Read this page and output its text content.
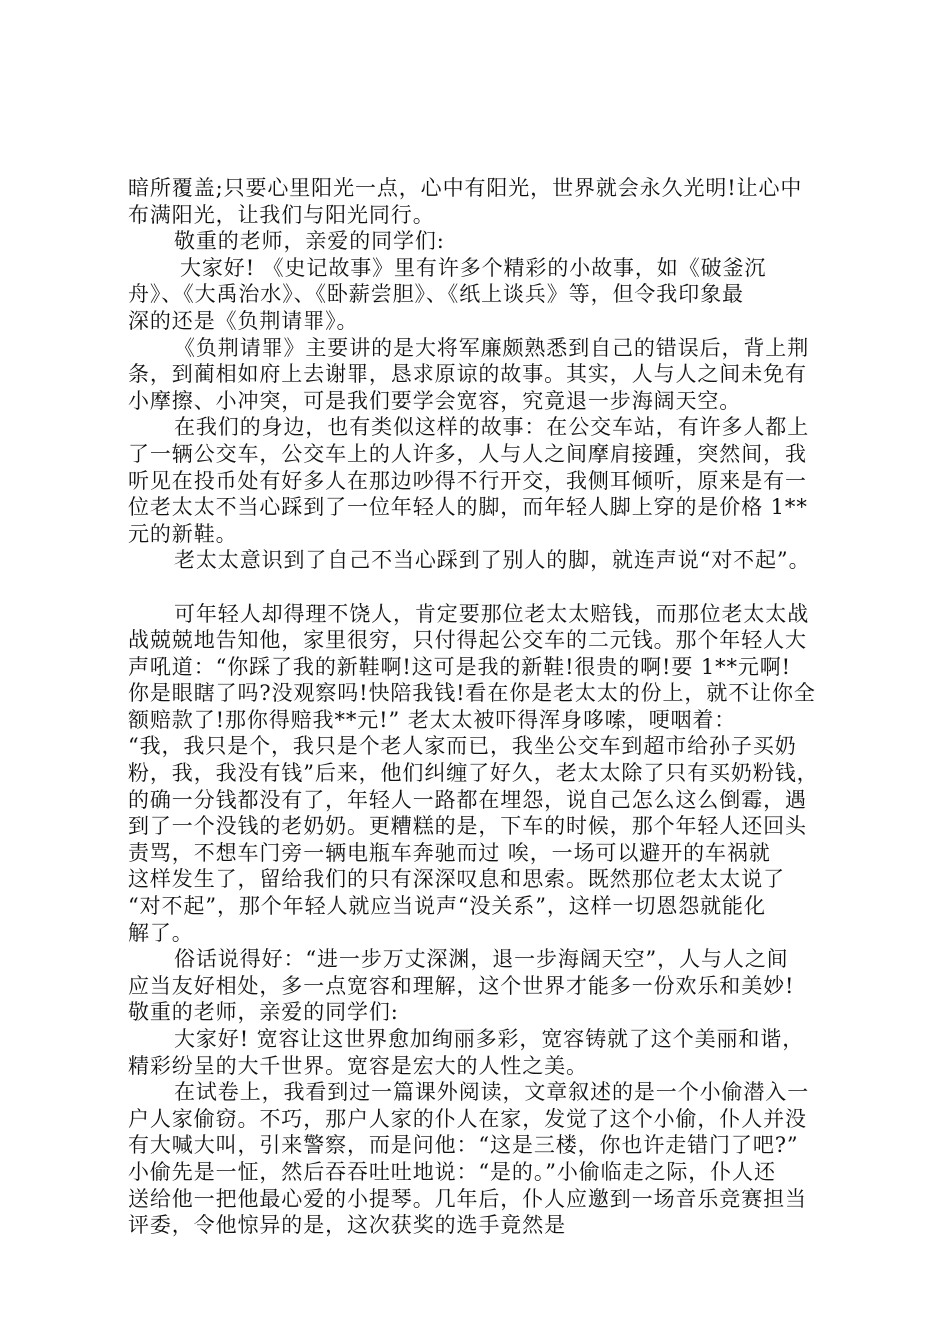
暗所覆盖;只要心里阳光一点，心中有阳光，世界就会永久光明!让心中
布满阳光，让我们与阳光同行。
敬重的老师，亲爱的同学们:
大家好! 《史记故事》里有许多个精彩的小故事，如《破釜沉
舟》、《大禹治水》、《卧薪尝胆》、《纸上谈兵》等，但令我印象最
深的还是《负荆请罪》。
《负荆请罪》主要讲的是大将军廉颇熟悉到自己的错误后，背上荆
条，到蔺相如府上去谢罪，恳求原谅的故事。其实，人与人之间未免有
小摩擦、小冲突，可是我们要学会宽容，究竟退一步海阔天空。
在我们的身边，也有类似这样的故事：在公交车站，有许多人都上
了一辆公交车，公交车上的人许多，人与人之间摩肩接踵，突然间，我
听见在投币处有好多人在那边吵得不行开交，我侧耳倾听，原来是有一
位老太太不当心踩到了一位年轻人的脚，而年轻人脚上穿的是价格 1**
元的新鞋。
老太太意识到了自己不当心踩到了别人的脚，就连声说“对不起”。
可年轻人却得理不饶人，肯定要那位老太太赔钱，而那位老太太战
战兢兢地告知他，家里很穷，只付得起公交车的二元钱。那个年轻人大
声吼道：“你踩了我的新鞋啊!这可是我的新鞋!很贵的啊!要 1**元啊!
你是眼瞎了吗?没观察吗!快陪我钱!看在你是老太太的份上，就不让你全
额赔款了!那你得赔我**元!” 老太太被吓得浑身哆嗦，哽咽着：
“我，我只是个，我只是个老人家而已，我坐公交车到超市给孙子买奶
粉，我，我没有钱”后来，他们纠缠了好久，老太太除了只有买奶粉钱，
的确一分钱都没有了，年轻人一路都在埋怨，说自己怎么这么倒霉，遇
到了一个没钱的老奶奶。更糟糕的是，下车的时候，那个年轻人还回头
责骂，不想车门旁一辆电瓶车奔驰而过 唉，一场可以避开的车祸就
这样发生了，留给我们的只有深深叹息和思索。既然那位老太太说了
“对不起”，那个年轻人就应当说声“没关系”，这样一切恩怨就能化
解了。
俗话说得好：“进一步万丈深渊，退一步海阔天空”，人与人之间
应当友好相处，多一点宽容和理解，这个世界才能多一份欢乐和美妙!
敬重的老师，亲爱的同学们:
大家好! 宽容让这世界愈加绚丽多彩，宽容铸就了这个美丽和谐，
精彩纷呈的大千世界。宽容是宏大的人性之美。
在试卷上，我看到过一篇课外阅读，文章叙述的是一个小偷潜入一
户人家偷窃。不巧，那户人家的仆人在家，发觉了这个小偷，仆人并没
有大喊大叫，引来警察，而是问他：“这是三楼，你也许走错门了吧?”
小偷先是一怔，然后吞吞吐吐地说：“是的。”小偷临走之际，仆人还
送给他一把他最心爱的小提琴。几年后，仆人应邀到一场音乐竞赛担当
评委，令他惊异的是，这次获奖的选手竟然是
